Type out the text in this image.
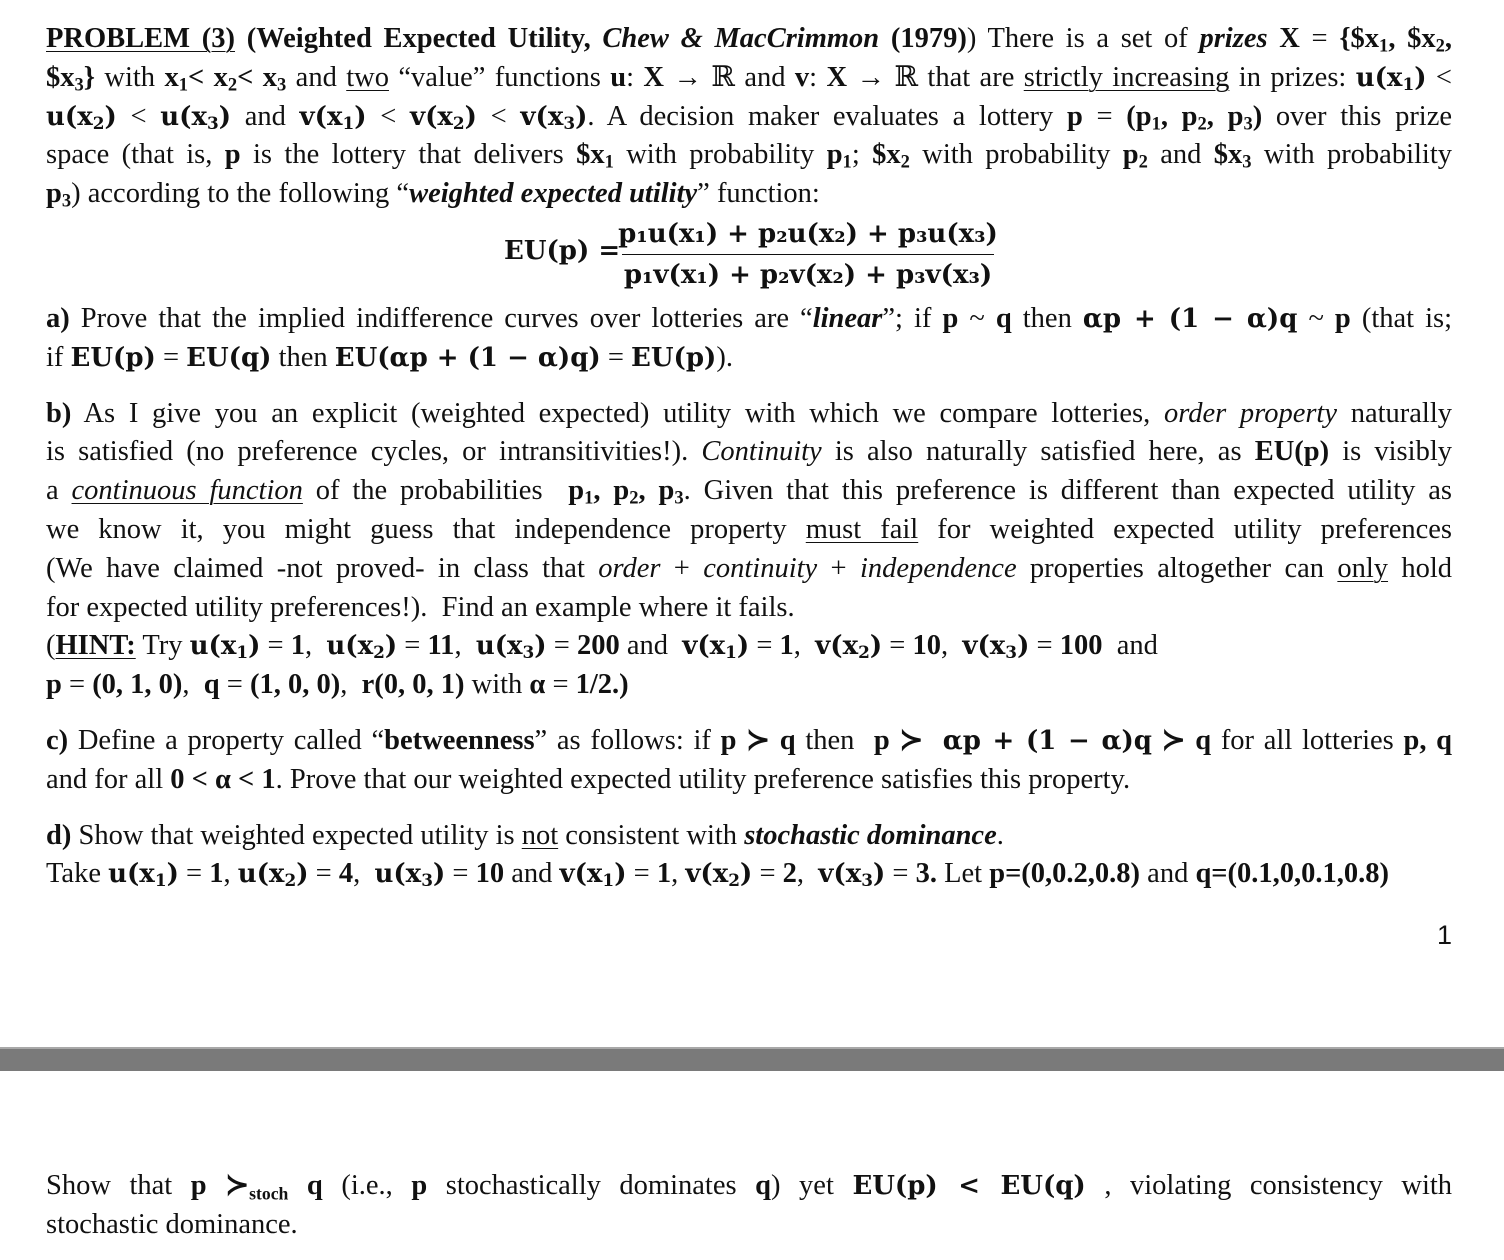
PROBLEM (3) (Weighted Expected Utility, Chew & MacCrimmon (1979)) There is a set of prizes $X = \{\$x_1$, $\$x_2$,
$\$x_3$} with $x_1< x_2< x_3$ and two “value” functions u: X → ℝ and v: X → ℝ that are strictly increasing in prizes: $u(x_1)$ <
$u(x_2) < u(x_3)$ and $v(x_1) < v(x_2) < v(x_3)$. A decision maker evaluates a lottery $p = (p_1$, $p_2$, $p_3$) over this prize
space (that is, p is the lottery that delivers $\$x_1$ with probability $p_1$; $\$x_2$ with probability $p_2$ and $\$x_3$ with probability
$p_3$) according to the following “weighted expected utility” function:
EU(p) =
p₁u(x₁) + p₂u(x₂) + p₃u(x₃)
p₁v(x₁) + p₂v(x₂) + p₃v(x₃)
a) Prove that the implied indifference curves over lotteries are “linear”; if p ~ q then αp + (1 − α)q ~ p (that is;
if EU(p) = EU(q) then EU(αp + (1 − α)q) = EU(p)).
b) As I give you an explicit (weighted expected) utility with which we compare lotteries, order property naturally
is satisfied (no preference cycles, or intransitivities!). Continuity is also naturally satisfied here, as EU(p) is visibly
a continuous function of the probabilities  $p_1$, $p_2$, $p_3$. Given that this preference is different than expected utility as
we know it, you might guess that independence property must fail for weighted expected utility preferences
(We have claimed -not proved- in class that order + continuity + independence properties altogether can only hold
for expected utility preferences!).  Find an example where it fails.
(HINT: Try $u(x_1) = 1$,  $u(x_2) = 11$,  $u(x_3) = 200$ and  $v(x_1) = 1$,  $v(x_2) = 10$,  $v(x_3) = 100$  and
p = (0, 1, 0),  q = (1, 0, 0),  r(0, 0, 1) with α = 1/2.)
c) Define a property called “betweenness” as follows: if p ≻ q then  p ≻ αp + (1 − α)q ≻ q for all lotteries p, q
and for all 0 < α < 1. Prove that our weighted expected utility preference satisfies this property.
d) Show that weighted expected utility is not consistent with stochastic dominance.
Take $u(x_1) = 1$, $u(x_2) = 4$,  $u(x_3) = 10$ and $v(x_1) = 1$, $v(x_2) = 2$,  $v(x_3) = 3$. Let p=(0,0.2,0.8) and q=(0.1,0,0.1,0.8)
1
Show that p ≻stoch q (i.e., p stochastically dominates q) yet EU(p) < EU(q) , violating consistency with
stochastic dominance.
